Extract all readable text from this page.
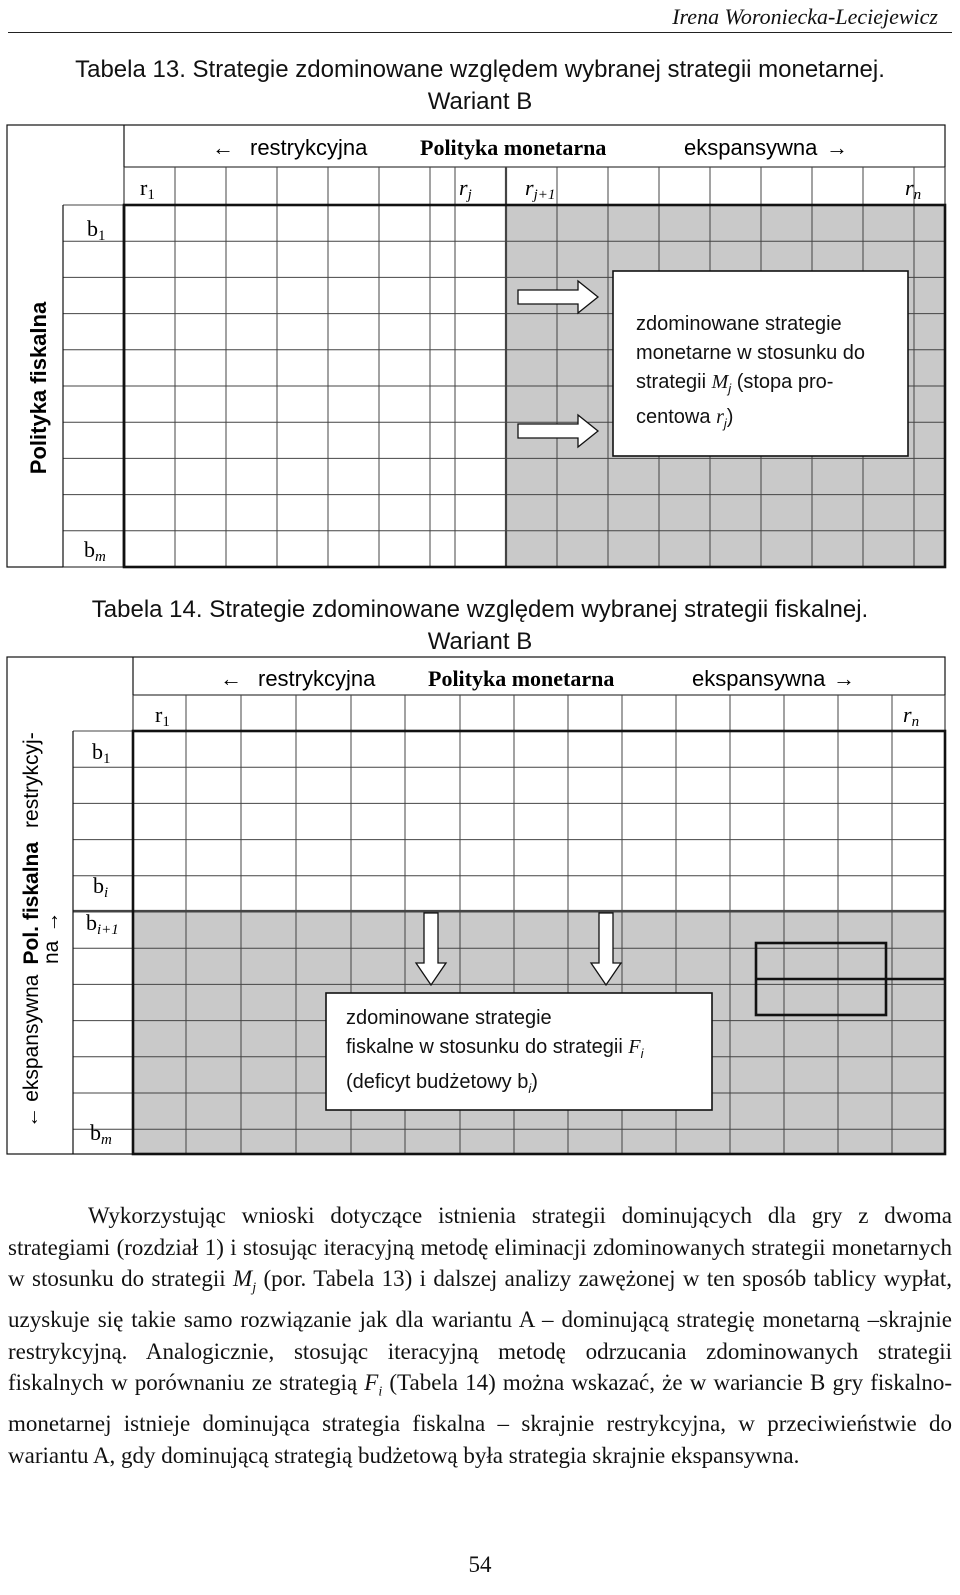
Irena Woroniecka-Leciejewicz
Tabela 13. Strategie zdominowane względem wybranej strategii monetarnej.
Wariant B
← restrykcyjna Polityka monetarna	ekspansywna →
r1	rj rj+1	rn
b1
bm
Polityka fiskalna	zdominowane strategie
monetarne w stosunku do
strategii $M_j$ (stopa pro-
centowa $r_j$)
Tabela 14. Strategie zdominowane względem wybranej strategii fiskalnej.
Wariant B
← restrykcyjna Polityka monetarna	ekspansywna →
r1	rn
b1
bi
bi+1
bm
← ekspansywnaPol. fiskalnarestrykcyj-
na→
zdominowane strategie
fiskalne w stosunku do strategii $F_i$
(deficyt budżetowy $b_i$)

Wykorzystując wnioski dotyczące istnienia strategii dominujących dla gry z dwoma strategiami (rozdział 1) i stosując iteracyjną metodę eliminacji zdominowanych strategii monetarnych w stosunku do strategii $M_j$ (por. Tabela 13) i dalszej analizy zawężonej w ten sposób tablicy wypłat, uzyskuje się takie samo rozwiązanie jak dla wariantu A – dominującą strategię monetarną –skrajnie restrykcyjną. Analogicznie, stosując iteracyjną metodę odrzucania zdominowanych strategii fiskalnych w porównaniu ze strategią $F_i$ (Tabela 14) można wskazać, że w wariancie B gry fiskalno-monetarnej istnieje dominująca strategia fiskalna – skrajnie restrykcyjna, w przeciwieństwie do wariantu A, gdy dominującą strategią budżetową była strategia skrajnie ekspansywna.

54
